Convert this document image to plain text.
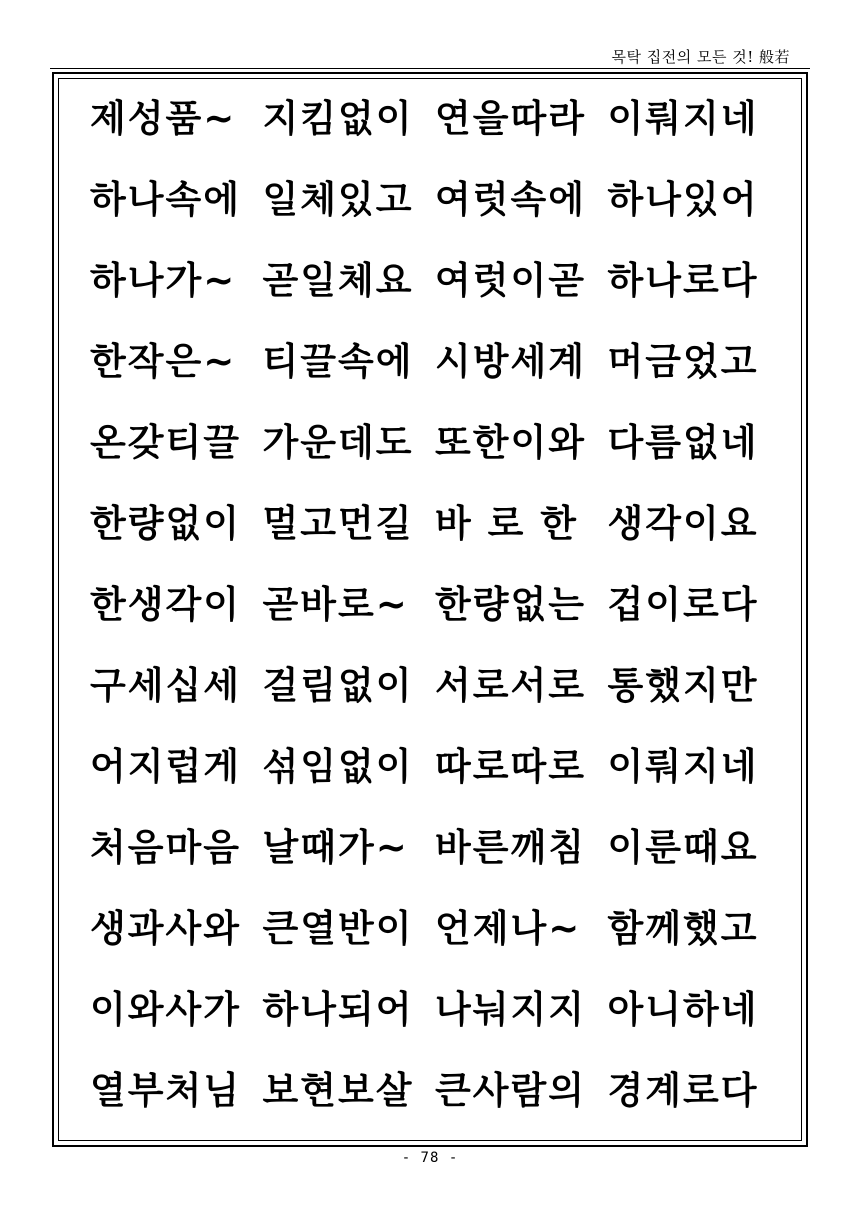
목탁 집전의 모든 것! 般若
제성품~ 지킴없이 연을따라 이뤄지네
하나속에 일체있고 여럿속에 하나있어
하나가~ 곧일체요 여럿이곧 하나로다
한작은~ 티끌속에 시방세계 머금었고
온갖티끌 가운데도 또한이와 다름없네
한량없이 멀고먼길 바 로 한 생각이요
한생각이 곧바로~ 한량없는 겁이로다
구세십세 걸림없이 서로서로 통했지만
어지럽게 섞임없이 따로따로 이뤄지네
처음마음 날때가~ 바른깨침 이룬때요
생과사와 큰열반이 언제나~ 함께했고
이와사가 하나되어 나눠지지 아니하네
열부처님 보현보살 큰사람의 경계로다
- 78 -
